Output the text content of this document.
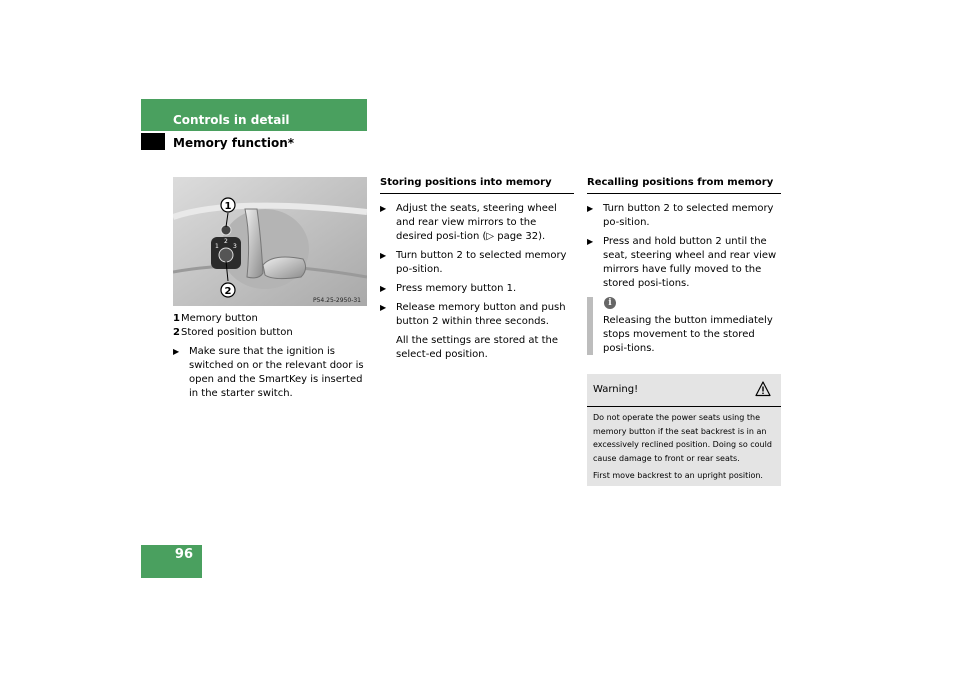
Controls in detail
Memory function*
1
2
3
1
2
P54.25-2950-31
1Memory button
2Stored position button
▶ Make sure that the ignition is switched on or the relevant door is open and the SmartKey is inserted in the starter switch.
Storing positions into memory
▶ Adjust the seats, steering wheel and rear view mirrors to the desired posi-tion (▷ page 32).
▶ Turn button 2 to selected memory po-sition.
▶ Press memory button 1.
▶ Release memory button and push button 2 within three seconds.
All the settings are stored at the select-ed position.
Recalling positions from memory
▶ Turn button 2 to selected memory po-sition.
▶ Press and hold button 2 until the seat, steering wheel and rear view mirrors have fully moved to the stored posi-tions.
i
Releasing the button immediately stops movement to the stored posi-tions.
Warning!

Do not operate the power seats using the memory button if the seat backrest is in an excessively reclined position. Doing so could cause damage to front or rear seats.

First move backrest to an upright position.

96
